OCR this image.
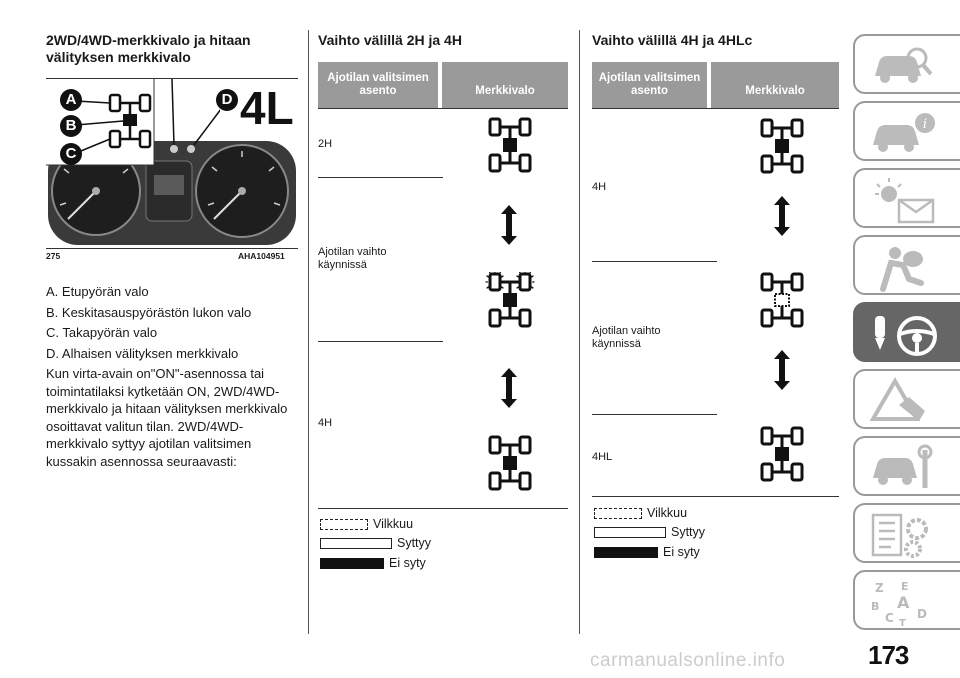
2WD/4WD-merkkivalo ja hitaan välityksen merkkivalo
A
B
C
D 4L
275	AHA104951

A. Etupyörän valo

B. Keskitasauspyörästön lukon valo

C. Takapyörän valo

D. Alhaisen välityksen merkkivalo

Kun virta-avain on"ON"-asennossa tai toimintatilaksi kytketään ON, 2WD/4WD-merkkivalo ja hitaan välityksen merkkivalo osoittavat valitun tilan. 2WD/4WD-merkkivalo syttyy ajotilan valitsimen kussakin asennossa seuraavasti:

Vaihto välillä 2H ja 4H
Ajotilan valitsimen asento	Merkkivalo
2H
Ajotilan vaihto käynnissä
4H
Vilkkuu
Syttyy
Ei syty
Vaihto välillä 4H ja 4HLc
Ajotilan valitsimen asento	Merkkivalo
4H
Ajotilan vaihto käynnissä
4HL
Vilkkuu
Syttyy
Ei syty
i
Z E
B A
D
C T
173
carmanualsonline.info
